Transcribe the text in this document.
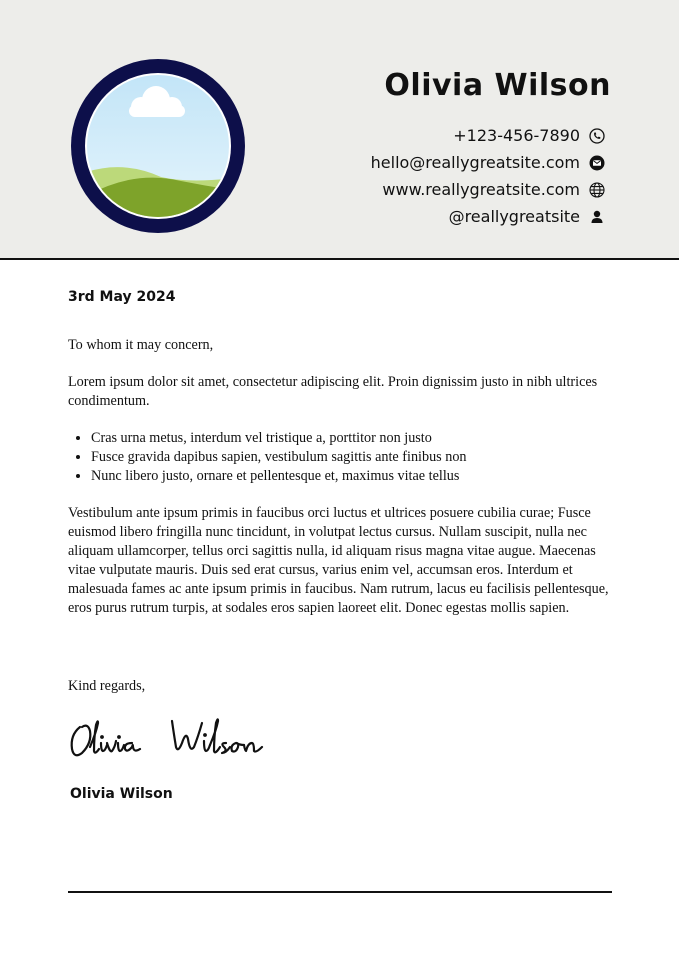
Olivia Wilson
+123-456-7890
hello@reallygreatsite.com
www.reallygreatsite.com
@reallygreatsite
3rd May 2024

To whom it may concern,

Lorem ipsum dolor sit amet, consectetur adipiscing elit. Proin dignissim justo in nibh ultrices condimentum.

• Cras urna metus, interdum vel tristique a, porttitor non justo
• Fusce gravida dapibus sapien, vestibulum sagittis ante finibus non
• Nunc libero justo, ornare et pellentesque et, maximus vitae tellus

Vestibulum ante ipsum primis in faucibus orci luctus et ultrices posuere cubilia curae; Fusce euismod libero fringilla nunc tincidunt, in volutpat lectus cursus. Nullam suscipit, nulla nec aliquam ullamcorper, tellus orci sagittis nulla, id aliquam risus magna vitae augue. Maecenas vitae vulputate mauris. Duis sed erat cursus, varius enim vel, accumsan eros. Interdum et malesuada fames ac ante ipsum primis in faucibus. Nam rutrum, lacus eu facilisis pellentesque, eros purus rutrum turpis, at sodales eros sapien laoreet elit. Donec egestas mollis sapien.

Kind regards,

Olivia Wilson
